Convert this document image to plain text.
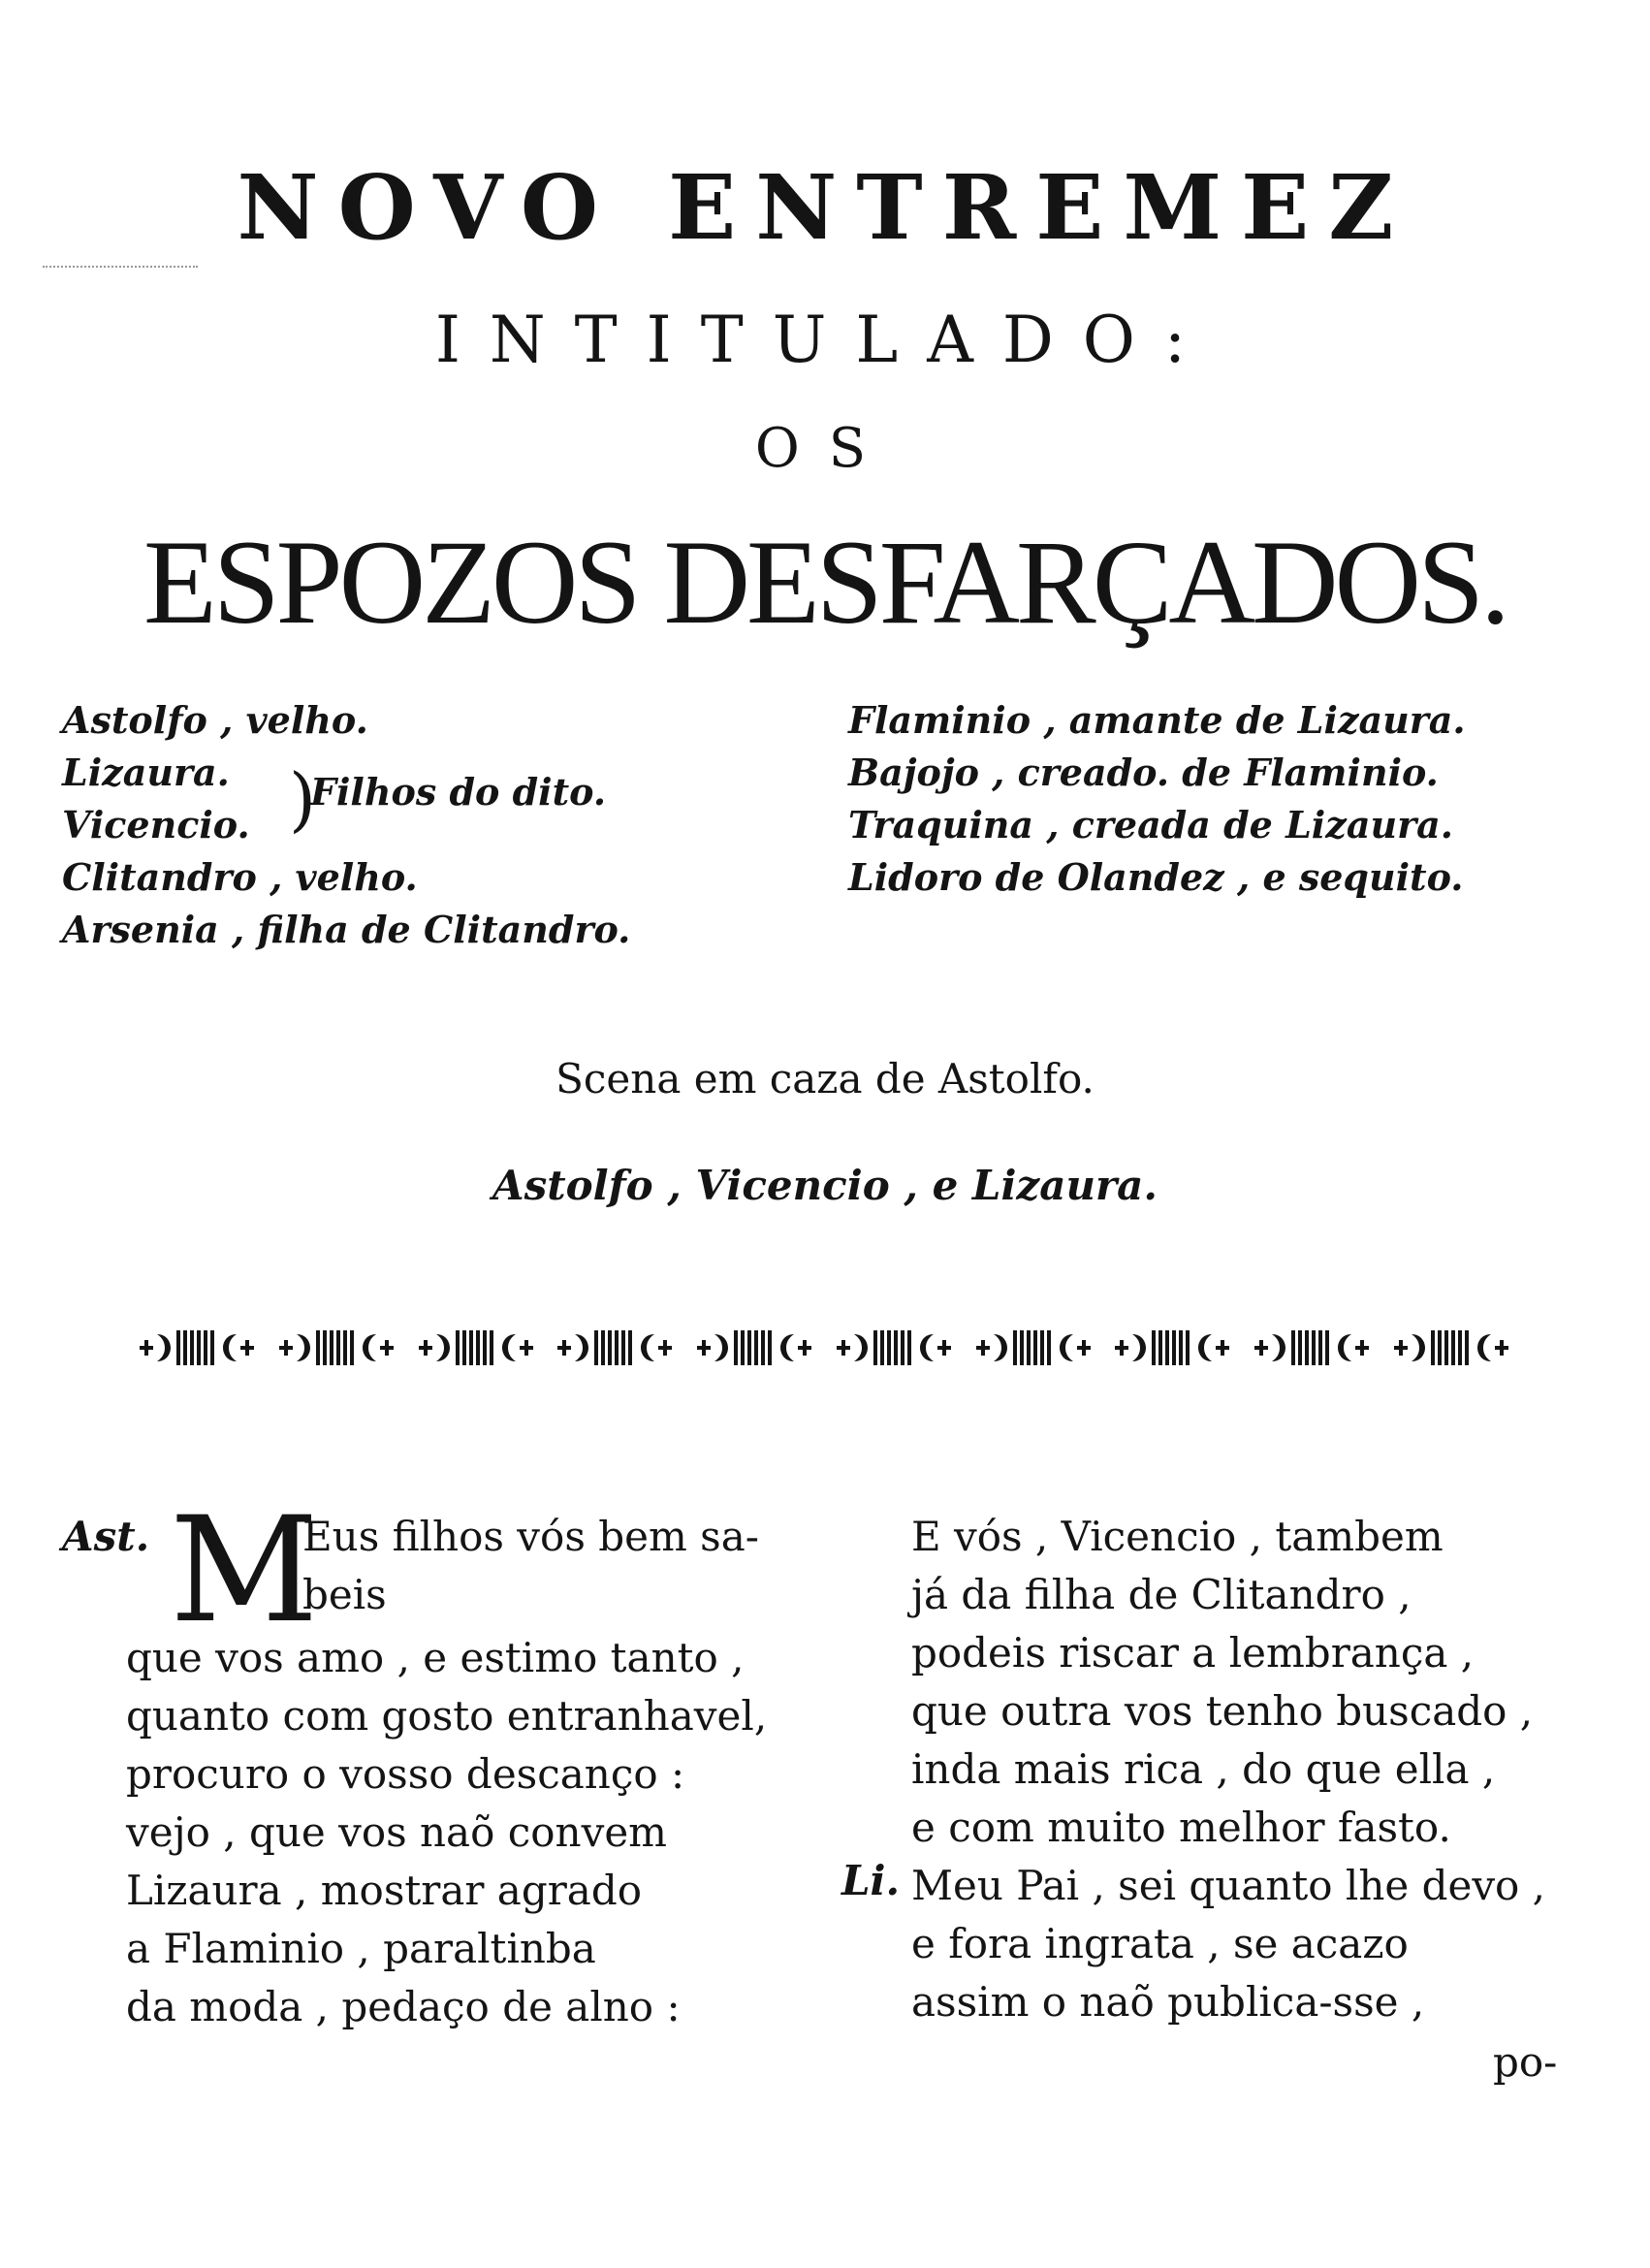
NOVO ENTREMEZ
INTITULADO:
OS
ESPOZOS DESFARÇADOS.
Astolfo , velho.
Lizaura.
Vicencio.
Clitandro , velho.
Arsenia , filha de Clitandro.
)
Filhos do dito.
Flaminio , amante de Lizaura.
Bajojo , creado. de Flaminio.
Traquina , creada de Lizaura.
Lidoro de Olandez , e sequito.
Scena em caza de Astolfo.
Astolfo , Vicencio , e Lizaura.
Ast. M
Eus filhos vós bem sa-
beis
que vos amo , e estimo tanto ,
quanto com gosto entranhavel,
procuro o vosso descanço :
vejo , que vos naõ convem
Lizaura , mostrar agrado
a Flaminio , paraltinba
da moda , pedaço de alno :
E vós , Vicencio , tambem
já da filha de Clitandro ,
podeis riscar a lembrança ,
que outra vos tenho buscado ,
inda mais rica , do que ella ,
e com muito melhor fasto.
Meu Pai , sei quanto lhe devo ,
e fora ingrata , se acazo
assim o naõ publica-sse ,
Li.
po-
